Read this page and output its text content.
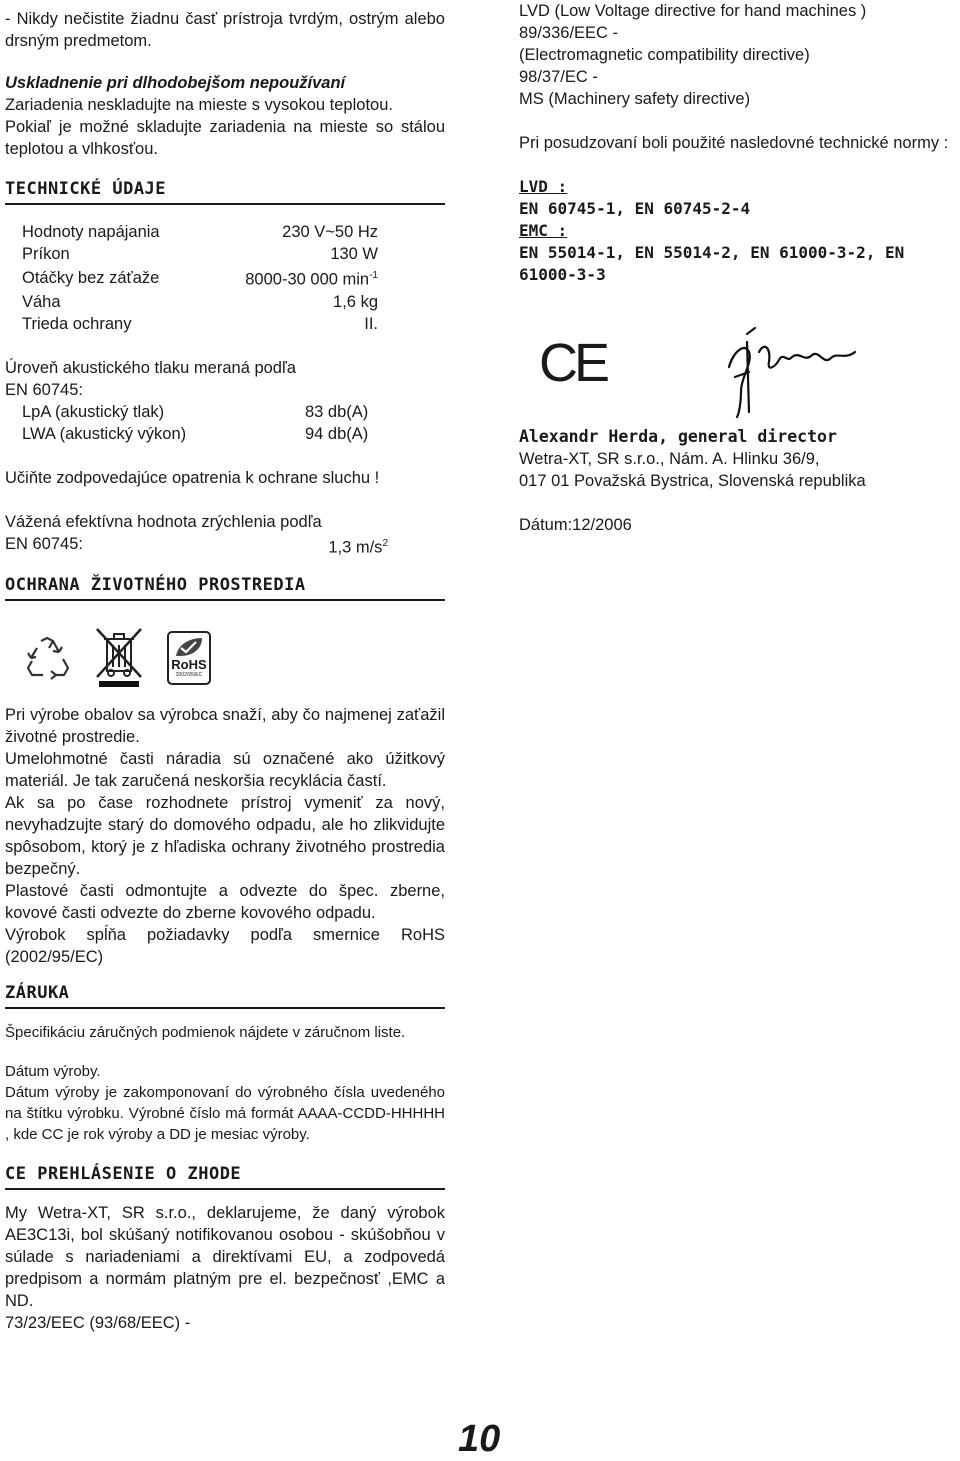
- Nikdy nečistite žiadnu časť prístroja tvrdým, ostrým alebo drsným predmetom.

Uskladnenie pri dlhodobejšom nepoužívaní

Zariadenia neskladujte na mieste s vysokou teplotou.

Pokiaľ je možné skladujte zariadenia na mieste so stálou teplotou a vlhkosťou.

TECHNICKÉ ÚDAJE
Hodnoty napájania	230 V~50 Hz
Príkon	130 W
Otáčky bez záťaže	8000-30 000 $\min^{-1}$
Váha	1,6 kg
Trieda ochrany	II.

Úroveň akustického tlaku meraná podľa

EN 60745:

LpA (akustický tlak)	83 db(A)
LWA (akustický výkon)	94 db(A)

Učiňte zodpovedajúce opatrenia k ochrane sluchu !

Vážená efektívna hodnota zrýchlenia podľa

EN 60745:	1,3 $m/s^2$
OCHRANA ŽIVOTNÉHO PROSTREDIA
RoHS
2002/95/EC

Pri výrobe obalov sa výrobca snaží, aby čo najmenej zaťažil životné prostredie.

Umelohmotné časti náradia sú označené ako úžitkový materiál. Je tak zaručená neskoršia recyklácia častí.

Ak sa po čase rozhodnete prístroj vymeniť za nový, nevyhadzujte starý do domového odpadu, ale ho zlikvidujte spôsobom, ktorý je z hľadiska ochrany životného prostredia bezpečný.

Plastové časti odmontujte a odvezte do špec. zberne, kovové časti odvezte do zberne kovového odpadu.

Výrobok spĺňa požiadavky podľa smernice RoHS (2002/95/EC)

ZÁRUKA

Špecifikáciu záručných podmienok nájdete v záručnom liste.

Dátum výroby.

Dátum výroby je zakomponovaní do výrobného čísla uvedeného na štítku výrobku. Výrobné číslo má formát AAAA-CCDD-HHHHH , kde CC je rok výroby a DD je mesiac výroby.

CE PREHLÁSENIE O ZHODE

My Wetra-XT, SR s.r.o., deklarujeme, že daný výrobok AE3C13i, bol skúšaný notifikovanou osobou - skúšobňou v súlade s nariadeniami a direktívami EU, a zodpovedá predpisom a normám platným pre el. bezpečnosť ,EMC a ND.

73/23/EEC (93/68/EEC) -

LVD (Low Voltage directive for hand machines )

89/336/EEC -

(Electromagnetic compatibility directive)

98/37/EC -

MS (Machinery safety directive)

Pri posudzovaní boli použité nasledovné technické normy :

LVD :

EN 60745-1, EN 60745-2-4

EMC :

EN 55014-1, EN 55014-2, EN 61000-3-2, EN 61000-3-3

CE

Alexandr Herda, general director

Wetra-XT, SR s.r.o., Nám. A. Hlinku 36/9,

017 01 Považská Bystrica, Slovenská republika

Dátum:12/2006

10
